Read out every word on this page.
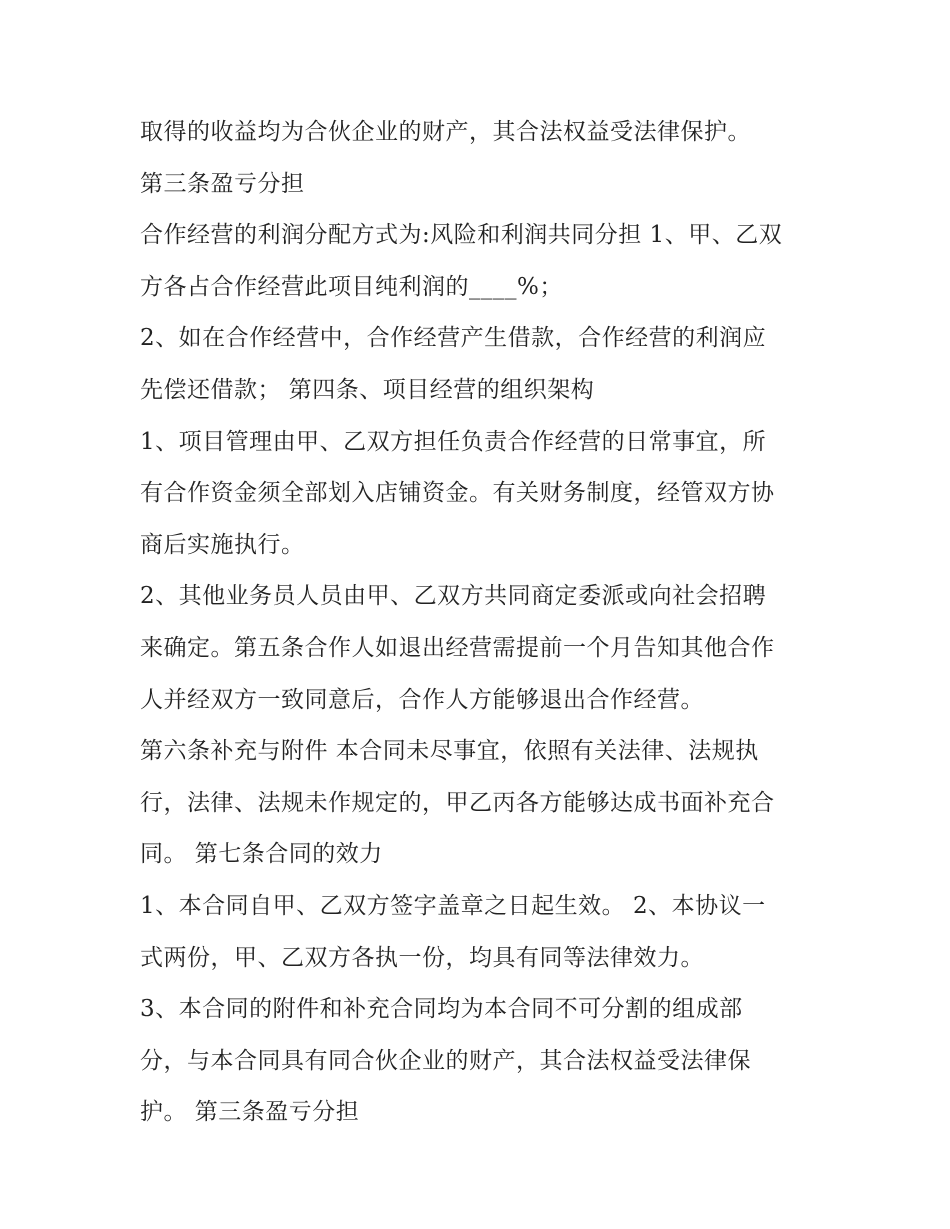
取得的收益均为合伙企业的财产，其合法权益受法律保护。
第三条盈亏分担
合作经营的利润分配方式为:风险和利润共同分担 1、甲、乙双
方各占合作经营此项目纯利润的____%；
2、如在合作经营中，合作经营产生借款，合作经营的利润应
先偿还借款； 第四条、项目经营的组织架构
1、项目管理由甲、乙双方担任负责合作经营的日常事宜，所
有合作资金须全部划入店铺资金。有关财务制度，经管双方协
商后实施执行。
2、其他业务员人员由甲、乙双方共同商定委派或向社会招聘
来确定。第五条合作人如退出经营需提前一个月告知其他合作
人并经双方一致同意后，合作人方能够退出合作经营。
第六条补充与附件 本合同未尽事宜，依照有关法律、法规执
行，法律、法规未作规定的，甲乙丙各方能够达成书面补充合
同。 第七条合同的效力
1、本合同自甲、乙双方签字盖章之日起生效。 2、本协议一
式两份，甲、乙双方各执一份，均具有同等法律效力。
3、本合同的附件和补充合同均为本合同不可分割的组成部
分，与本合同具有同合伙企业的财产，其合法权益受法律保
护。 第三条盈亏分担
